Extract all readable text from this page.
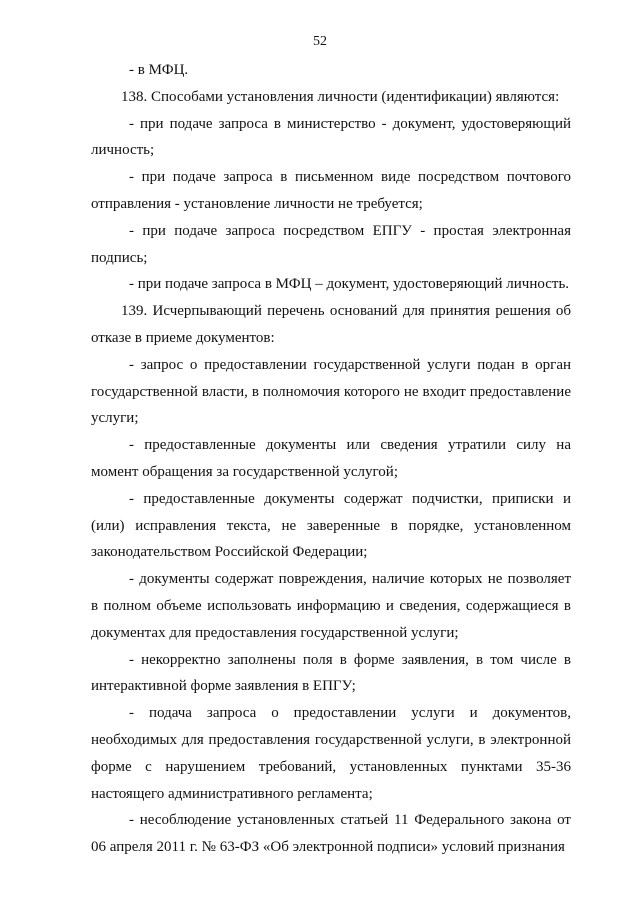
52

- в МФЦ.

138. Способами установления личности (идентификации) являются:

- при подаче запроса в министерство - документ, удостоверяющий личность;

- при подаче запроса в письменном виде посредством почтового отправления - установление личности не требуется;

- при подаче запроса посредством ЕПГУ - простая электронная подпись;

- при подаче запроса в МФЦ – документ, удостоверяющий личность.

139. Исчерпывающий перечень оснований для принятия решения об отказе в приеме документов:

- запрос о предоставлении государственной услуги подан в орган государственной власти, в полномочия которого не входит предоставление услуги;

- предоставленные документы или сведения утратили силу на момент обращения за государственной услугой;

- предоставленные документы содержат подчистки, приписки и (или) исправления текста, не заверенные в порядке, установленном законодательством Российской Федерации;

- документы содержат повреждения, наличие которых не позволяет в полном объеме использовать информацию и сведения, содержащиеся в документах для предоставления государственной услуги;

- некорректно заполнены поля в форме заявления, в том числе в интерактивной форме заявления в ЕПГУ;

- подача запроса о предоставлении услуги и документов, необходимых для предоставления государственной услуги, в электронной форме с нарушением требований, установленных пунктами 35-36 настоящего административного регламента;

- несоблюдение установленных статьей 11 Федерального закона от 06 апреля 2011 г. № 63-ФЗ «Об электронной подписи» условий признания
